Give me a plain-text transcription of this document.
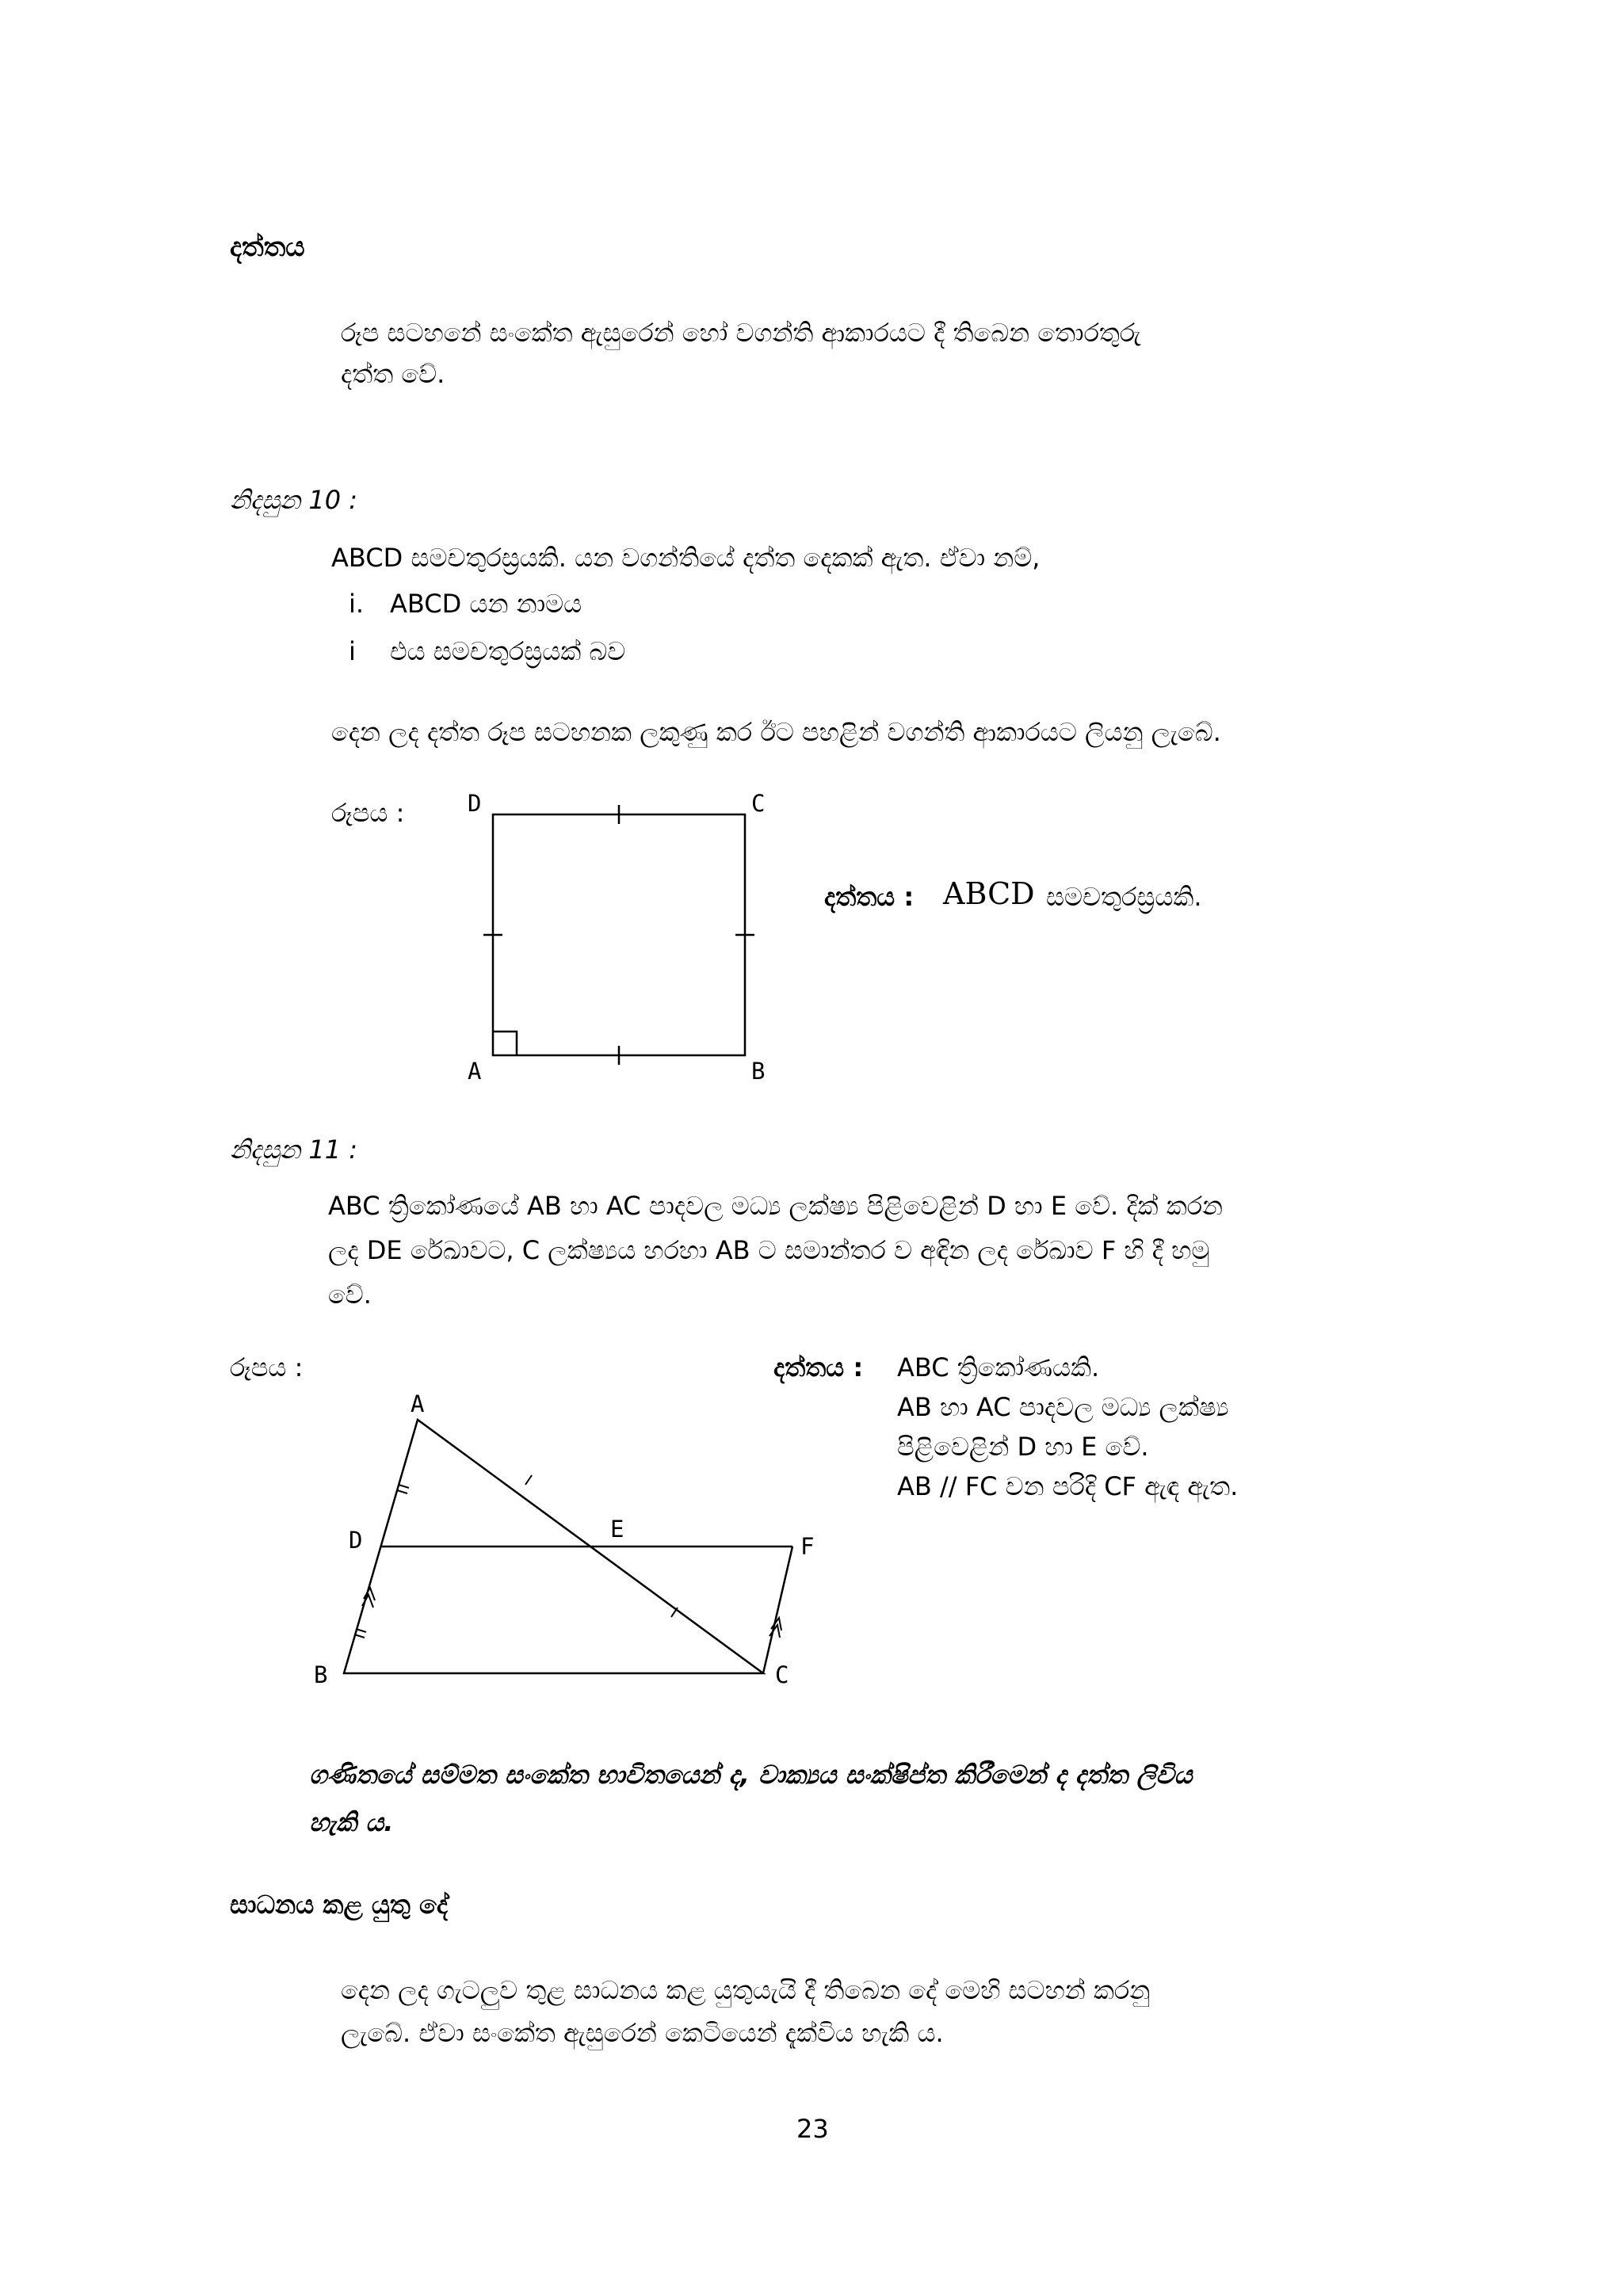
දත්තය
රූප සටහනේ සංකේත ඇසුරෙන් හෝ වගන්ති ආකාරයට දී තිබෙන තොරතුරු
දත්ත වේ.
නිදසුන 10 :
ABCD සමචතුරස්‍රයකි. යන වගන්තියේ දත්ත දෙකක් ඇත. ඒවා නම්,
i. ABCD යන නාමය
i එය සමචතුරස්‍රයක් බව
දෙන ලද දත්ත රූප සටහනක ලකුණු කර ඊට පහළින් වගන්ති ආකාරයට ලියනු ලැබේ.
රූපය :	D	C
A	B
දත්තය : ABCD සමචතුරස්‍රයකි.
නිදසුන 11 :
ABC ත්‍රිකෝණයේ AB හා AC පාදවල මධ්‍ය ලක්ෂ්‍ය පිළිවෙළින් D හා E වේ. දික් කරන
ලද DE රේඛාවට, C ලක්ෂ්‍යය හරහා AB ට සමාන්තර ව අඳින ලද රේඛාව F හි දී හමු
වේ.
රූපය :
A
D	E
F
B	C
දත්තය : ABC ත්‍රිකෝණයකි.
AB හා AC පාදවල මධ්‍ය ලක්ෂ්‍ය
පිළිවෙළින් D හා E වේ.
AB // FC වන පරිදි CF ඇඳ ඇත.
ගණිතයේ සම්මත සංකේත භාවිතයෙන් ද, වාක්‍යය සංක්ෂිප්ත කිරීමෙන් ද දත්ත ලිවිය
හැකි ය.
සාධනය කළ යුතු දේ
දෙන ලද ගැටලුව තුළ සාධනය කළ යුතුයැයි දී තිබෙන දේ මෙහි සටහන් කරනු
ලැබේ. ඒවා සංකේත ඇසුරෙන් කෙටියෙන් දැක්විය හැකි ය.
23
